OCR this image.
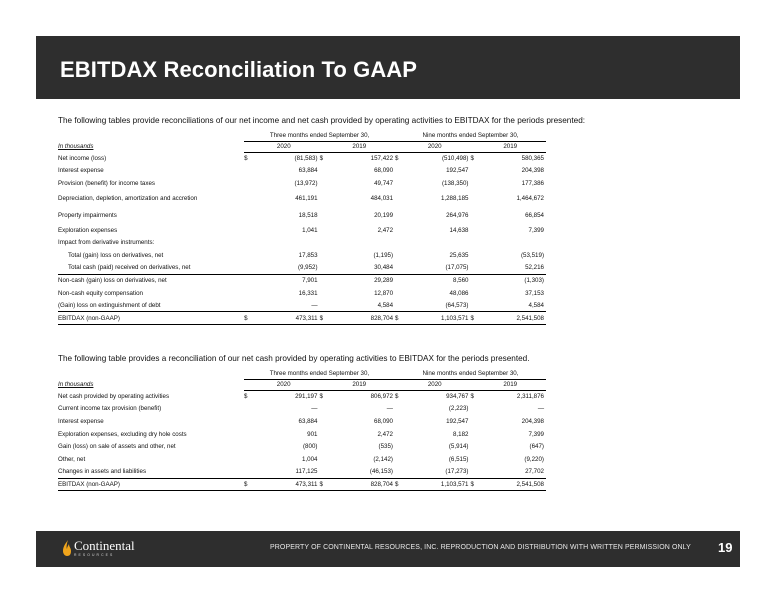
EBITDAX Reconciliation To GAAP
The following tables provide reconciliations of our net income and net cash provided by operating activities to EBITDAX for the periods presented:
	Three months ended September 30,				Nine months ended September 30,			
In thousands		2020		2019		2020		2019
Net income (loss)	$	(81,583)	$	157,422	$	(510,498)	$	580,365
Interest expense		63,884		68,090		192,547		204,398
Provision (benefit) for income taxes		(13,972)		49,747		(138,350)		177,386
Depreciation, depletion, amortization and accretion		461,191		484,031		1,288,185		1,464,672
Property impairments		18,518		20,199		264,976		66,854
Exploration expenses		1,041		2,472		14,638		7,399
Impact from derivative instruments:								
Total (gain) loss on derivatives, net		17,853		(1,195)		25,635		(53,519)
Total cash (paid) received on derivatives, net		(9,952)		30,484		(17,075)		52,216
Non-cash (gain) loss on derivatives, net		7,901		29,289		8,560		(1,303)
Non-cash equity compensation		16,331		12,870		48,086		37,153
(Gain) loss on extinguishment of debt		—		4,584		(64,573)		4,584
EBITDAX (non-GAAP)	$	473,311	$	828,704	$	1,103,571	$	2,541,508
The following table provides a reconciliation of our net cash provided by operating activities to EBITDAX for the periods presented.
	Three months ended September 30,				Nine months ended September 30,			
In thousands		2020		2019		2020		2019
Net cash provided by operating activities	$	291,197	$	806,972	$	934,767	$	2,311,876
Current income tax provision (benefit)		—		—		(2,223)		—
Interest expense		63,884		68,090		192,547		204,398
Exploration expenses, excluding dry hole costs		901		2,472		8,182		7,399
Gain (loss) on sale of assets and other, net		(800)		(535)		(5,914)		(647)
Other, net		1,004		(2,142)		(6,515)		(9,220)
Changes in assets and liabilities		117,125		(46,153)		(17,273)		27,702
EBITDAX (non-GAAP)	$	473,311	$	828,704	$	1,103,571	$	2,541,508
Continental
RESOURCES
PROPERTY OF CONTINENTAL RESOURCES, INC. REPRODUCTION AND DISTRIBUTION WITH WRITTEN PERMISSION ONLY 19
